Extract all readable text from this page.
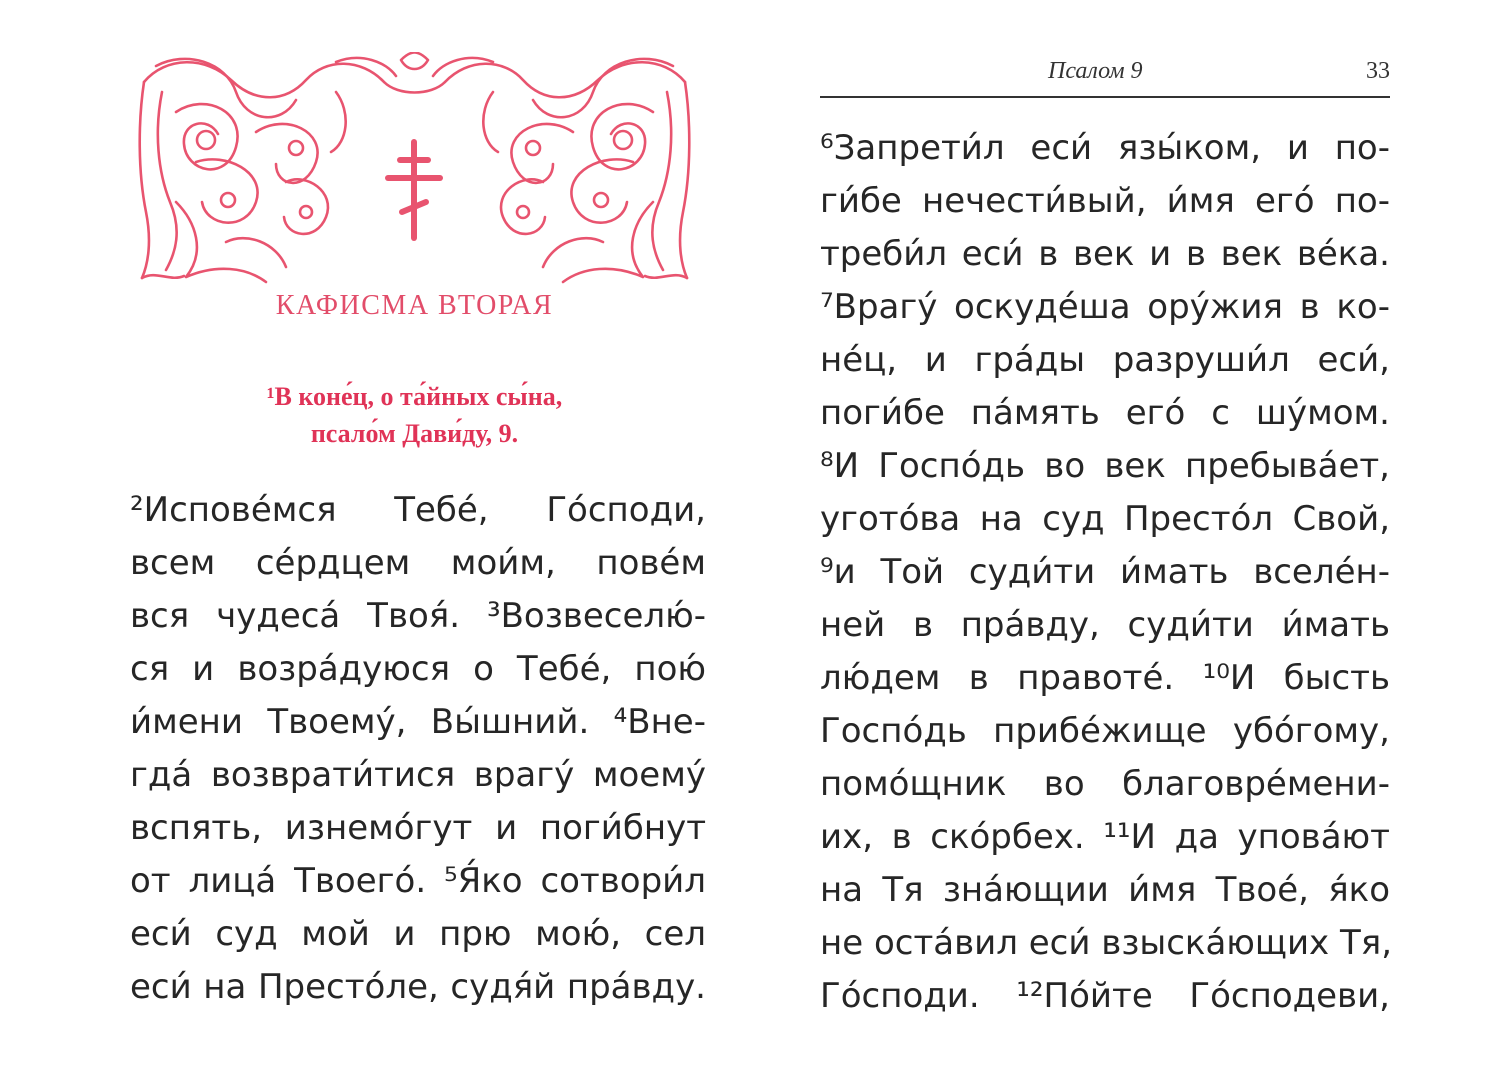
КАФИСМА ВТОРАЯ
¹В коне́ц, о та́йных сы́на,
псало́м Дави́ду, 9.
²Испове́мся Тебе́, Го́споди,
всем се́рдцем мои́м, пове́м
вся чудеса́ Твоя́. ³Возвеселю́-
ся и возра́дуюся о Тебе́, пою́
и́мени Твоему́, Вы́шний. ⁴Вне-
гда́ возврати́тися врагу́ моему́
вспять, изнемо́гут и поги́бнут
от лица́ Твоего́. ⁵Я́ко сотвори́л
еси́ суд мой и прю мою́, сел
еси́ на Престо́ле, судя́й пра́вду.
Псалом 9	33
⁶Запрети́л еси́ язы́ком, и по-
ги́бе нечести́вый, и́мя его́ по-
треби́л еси́ в век и в век ве́ка.
⁷Врагу́ оскуде́ша ору́жия в ко-
не́ц, и гра́ды разруши́л еси́,
поги́бе па́мять его́ с шу́мом.
⁸И Госпо́дь во век пребыва́ет,
угото́ва на суд Престо́л Свой,
⁹и Той суди́ти и́мать вселе́н-
ней в пра́вду, суди́ти и́мать
лю́дем в правоте́. ¹⁰И бысть
Госпо́дь прибе́жище убо́гому,
помо́щник во благовре́мени-
их, в ско́рбех. ¹¹И да упова́ют
на Тя зна́ющии и́мя Твое́, я́ко
не оста́вил еси́ взыска́ющих Тя,
Го́споди. ¹²По́йте Го́сподеви,
